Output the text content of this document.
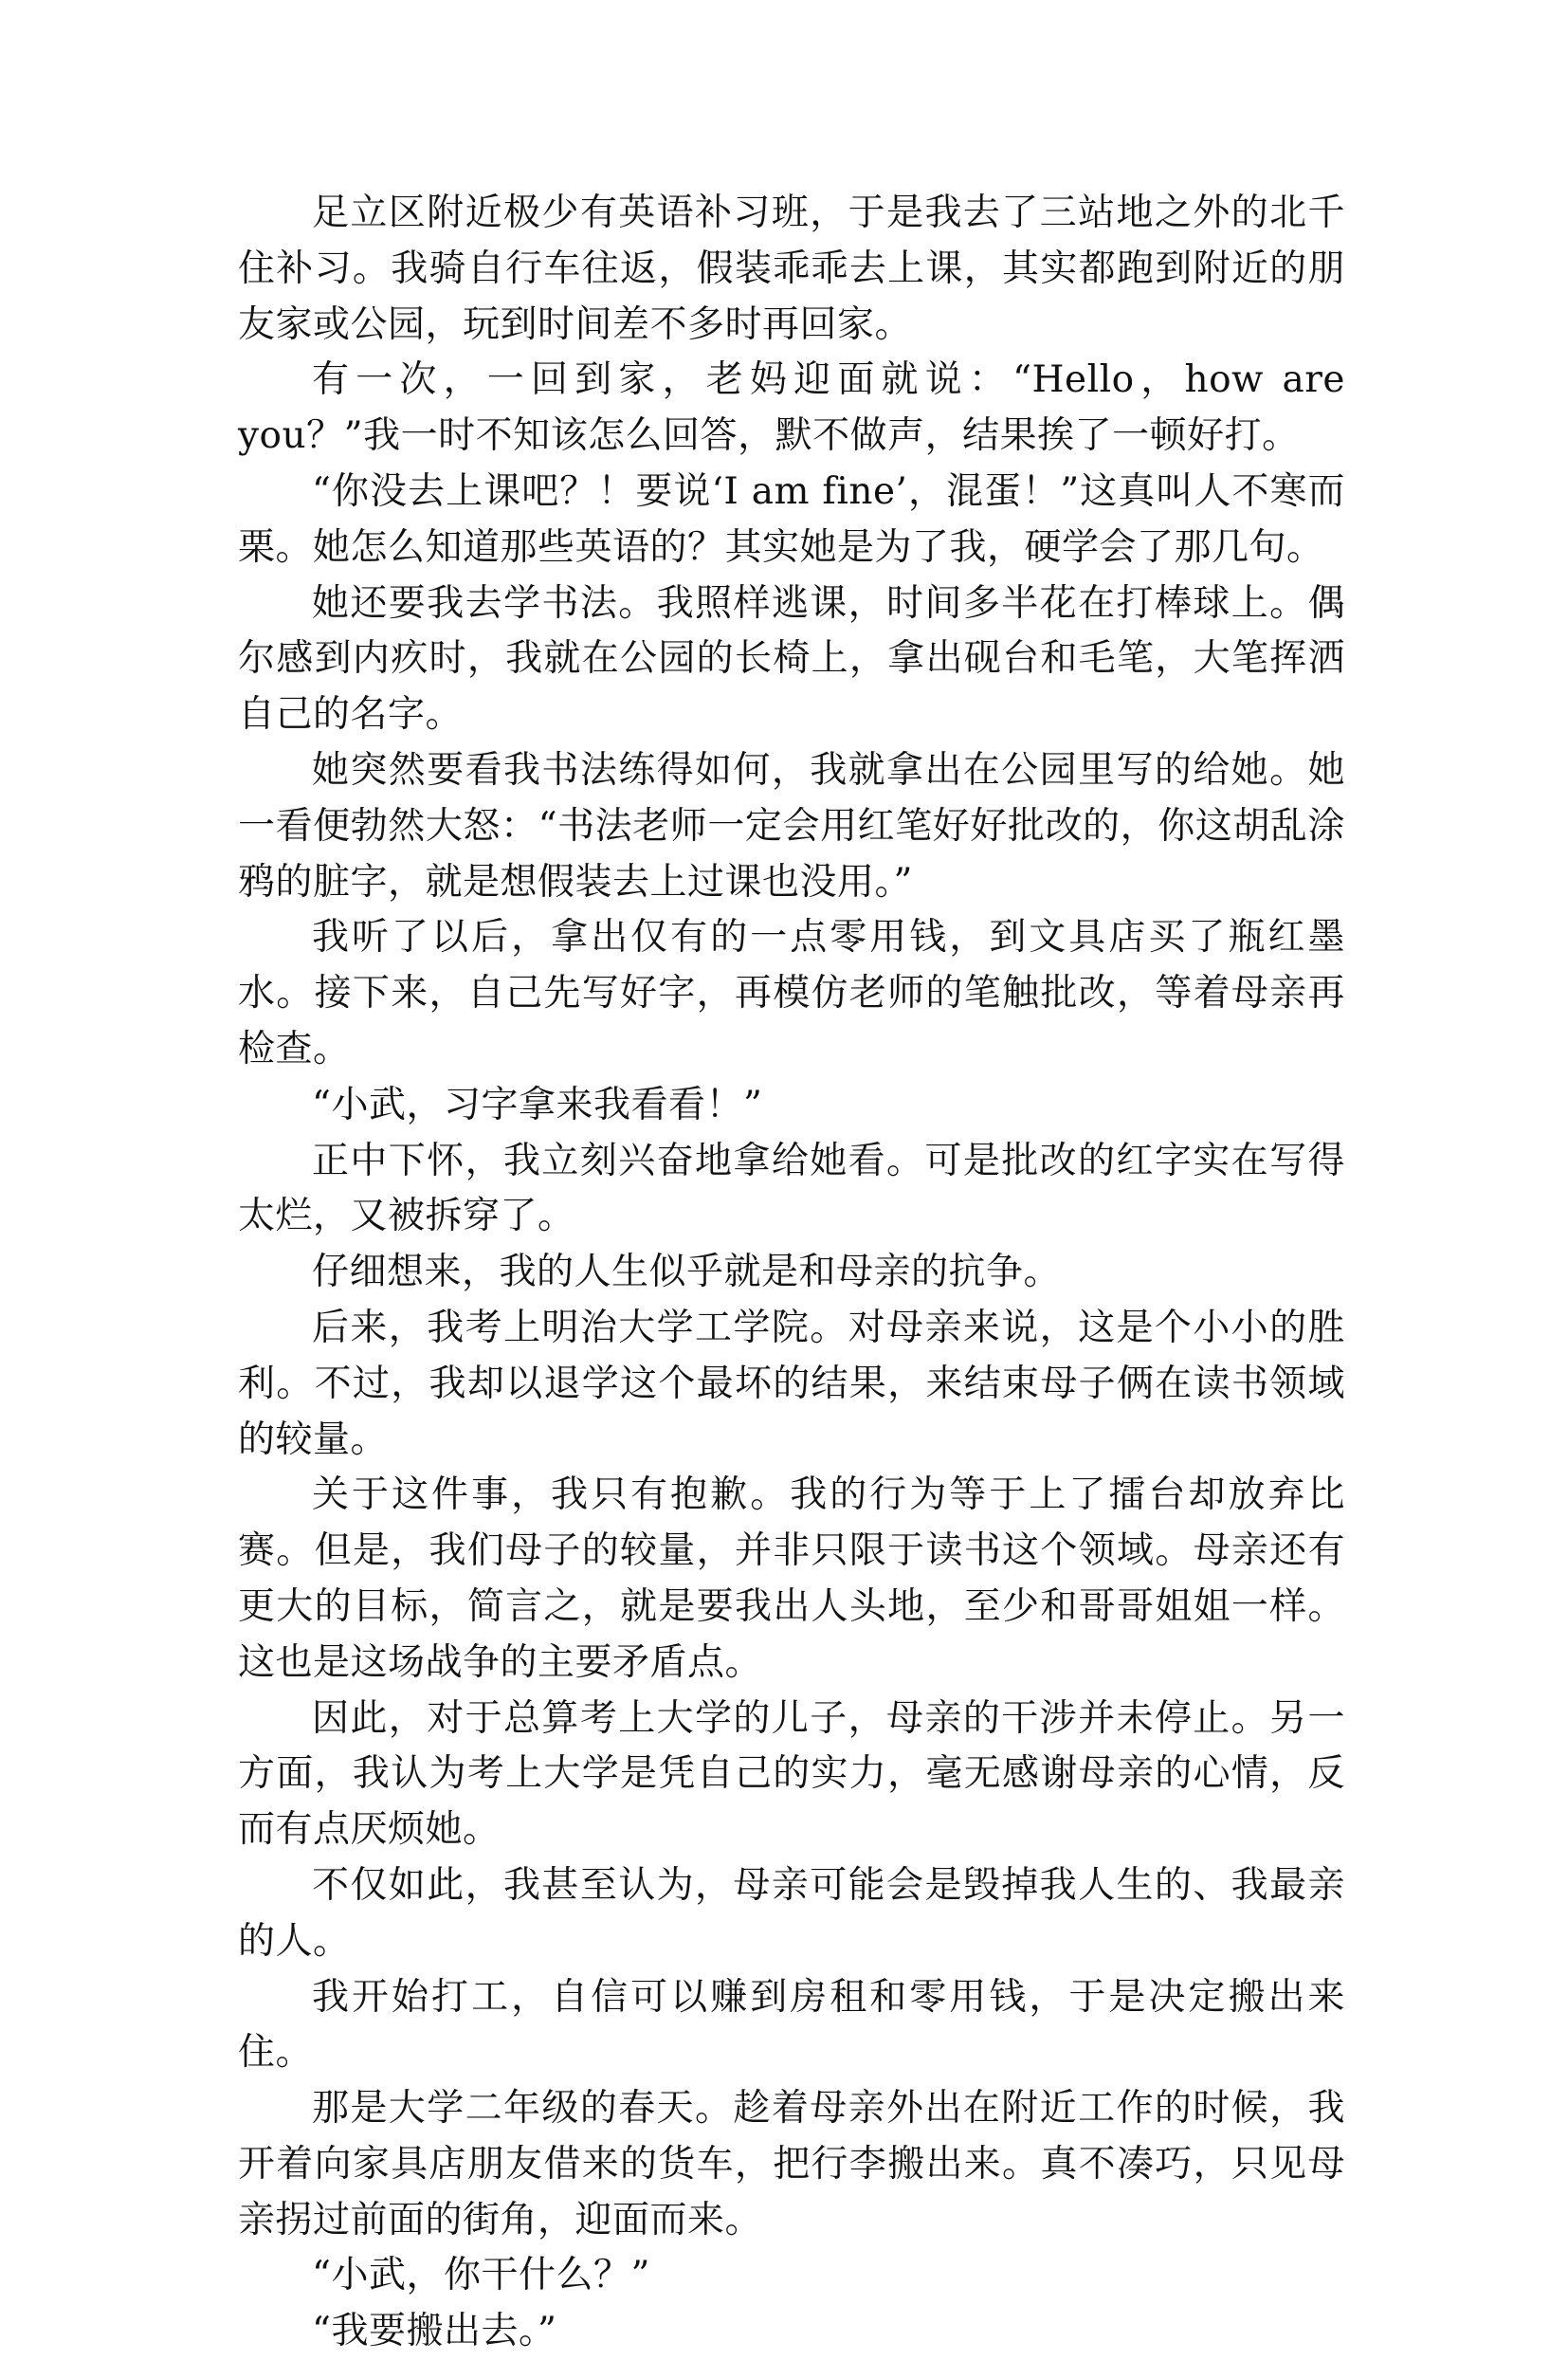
足立区附近极少有英语补习班，于是我去了三站地之外的北千住补习。我骑自行车往返，假装乖乖去上课，其实都跑到附近的朋友家或公园，玩到时间差不多时再回家。

有一次，一回到家，老妈迎面就说：“Hello，how are you？”我一时不知该怎么回答，默不做声，结果挨了一顿好打。

“你没去上课吧？！要说‘I am fine’，混蛋！”这真叫人不寒而栗。她怎么知道那些英语的？其实她是为了我，硬学会了那几句。

她还要我去学书法。我照样逃课，时间多半花在打棒球上。偶尔感到内疚时，我就在公园的长椅上，拿出砚台和毛笔，大笔挥洒自己的名字。

她突然要看我书法练得如何，我就拿出在公园里写的给她。她一看便勃然大怒：“书法老师一定会用红笔好好批改的，你这胡乱涂鸦的脏字，就是想假装去上过课也没用。”

我听了以后，拿出仅有的一点零用钱，到文具店买了瓶红墨水。接下来，自己先写好字，再模仿老师的笔触批改，等着母亲再检查。

“小武，习字拿来我看看！”

正中下怀，我立刻兴奋地拿给她看。可是批改的红字实在写得太烂，又被拆穿了。

仔细想来，我的人生似乎就是和母亲的抗争。

后来，我考上明治大学工学院。对母亲来说，这是个小小的胜利。不过，我却以退学这个最坏的结果，来结束母子俩在读书领域的较量。

关于这件事，我只有抱歉。我的行为等于上了擂台却放弃比赛。但是，我们母子的较量，并非只限于读书这个领域。母亲还有更大的目标，简言之，就是要我出人头地，至少和哥哥姐姐一样。这也是这场战争的主要矛盾点。

因此，对于总算考上大学的儿子，母亲的干涉并未停止。另一方面，我认为考上大学是凭自己的实力，毫无感谢母亲的心情，反而有点厌烦她。

不仅如此，我甚至认为，母亲可能会是毁掉我人生的、我最亲的人。

我开始打工，自信可以赚到房租和零用钱，于是决定搬出来住。

那是大学二年级的春天。趁着母亲外出在附近工作的时候，我开着向家具店朋友借来的货车，把行李搬出来。真不凑巧，只见母亲拐过前面的街角，迎面而来。

“小武，你干什么？”

“我要搬出去。”
